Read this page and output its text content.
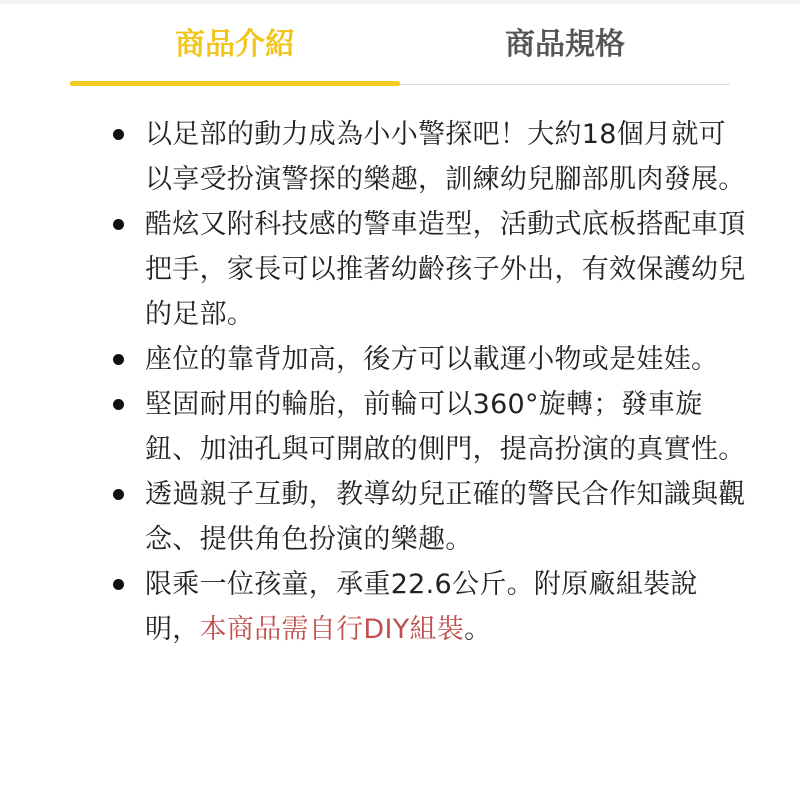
商品介紹	商品規格
以足部的動力成為小小警探吧！大約18個月就可以享受扮演警探的樂趣，訓練幼兒腳部肌肉發展。
酷炫又附科技感的警車造型，活動式底板搭配車頂把手，家長可以推著幼齡孩子外出，有效保護幼兒的足部。
座位的靠背加高，後方可以載運小物或是娃娃。
堅固耐用的輪胎，前輪可以360°旋轉；發車旋鈕、加油孔與可開啟的側門，提高扮演的真實性。
透過親子互動，教導幼兒正確的警民合作知識與觀念、提供角色扮演的樂趣。
限乘一位孩童，承重22.6公斤。附原廠組裝說明，本商品需自行DIY組裝。
